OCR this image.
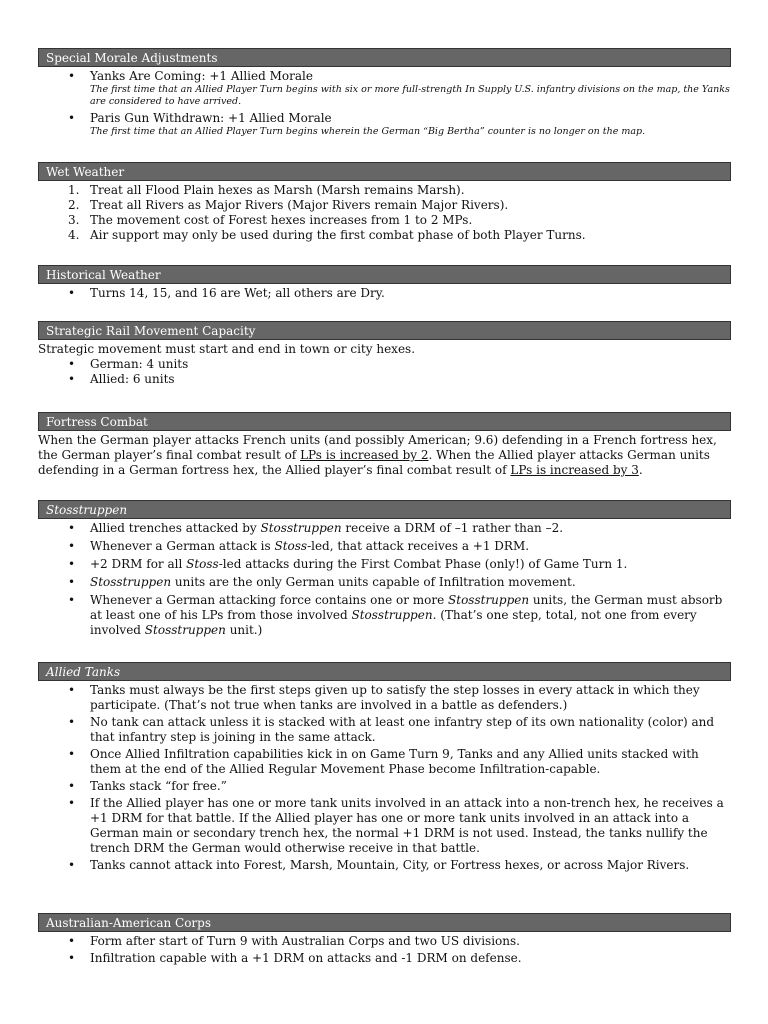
Special Morale Adjustments
• Yanks Are Coming: +1 Allied Morale
The first time that an Allied Player Turn begins with six or more full-strength In Supply U.S. infantry divisions on the map, the Yanks are considered to have arrived.
• Paris Gun Withdrawn: +1 Allied Morale
The first time that an Allied Player Turn begins wherein the German “Big Bertha” counter is no longer on the map.
Wet Weather
1. Treat all Flood Plain hexes as Marsh (Marsh remains Marsh).
2. Treat all Rivers as Major Rivers (Major Rivers remain Major Rivers).
3. The movement cost of Forest hexes increases from 1 to 2 MPs.
4. Air support may only be used during the first combat phase of both Player Turns.
Historical Weather
• Turns 14, 15, and 16 are Wet; all others are Dry.
Strategic Rail Movement Capacity

Strategic movement must start and end in town or city hexes.

• German: 4 units
• Allied: 6 units
Fortress Combat

When the German player attacks French units (and possibly American; 9.6) defending in a French fortress hex, the German player’s final combat result of LPs is increased by 2. When the Allied player attacks German units defending in a German fortress hex, the Allied player’s final combat result of LPs is increased by 3.

Stosstruppen
• Allied trenches attacked by Stosstruppen receive a DRM of –1 rather than –2.
• Whenever a German attack is Stoss-led, that attack receives a +1 DRM.
• +2 DRM for all Stoss-led attacks during the First Combat Phase (only!) of Game Turn 1.
• Stosstruppen units are the only German units capable of Infiltration movement.
• Whenever a German attacking force contains one or more Stosstruppen units, the German must absorb at least one of his LPs from those involved Stosstruppen. (That’s one step, total, not one from every involved Stosstruppen unit.)
Allied Tanks
• Tanks must always be the first steps given up to satisfy the step losses in every attack in which they participate. (That’s not true when tanks are involved in a battle as defenders.)
• No tank can attack unless it is stacked with at least one infantry step of its own nationality (color) and that infantry step is joining in the same attack.
• Once Allied Infiltration capabilities kick in on Game Turn 9, Tanks and any Allied units stacked with them at the end of the Allied Regular Movement Phase become Infiltration-capable.
• Tanks stack “for free.”
• If the Allied player has one or more tank units involved in an attack into a non-trench hex, he receives a +1 DRM for that battle. If the Allied player has one or more tank units involved in an attack into a German main or secondary trench hex, the normal +1 DRM is not used. Instead, the tanks nullify the trench DRM the German would otherwise receive in that battle.
• Tanks cannot attack into Forest, Marsh, Mountain, City, or Fortress hexes, or across Major Rivers.
Australian-American Corps
• Form after start of Turn 9 with Australian Corps and two US divisions.
• Infiltration capable with a +1 DRM on attacks and -1 DRM on defense.
